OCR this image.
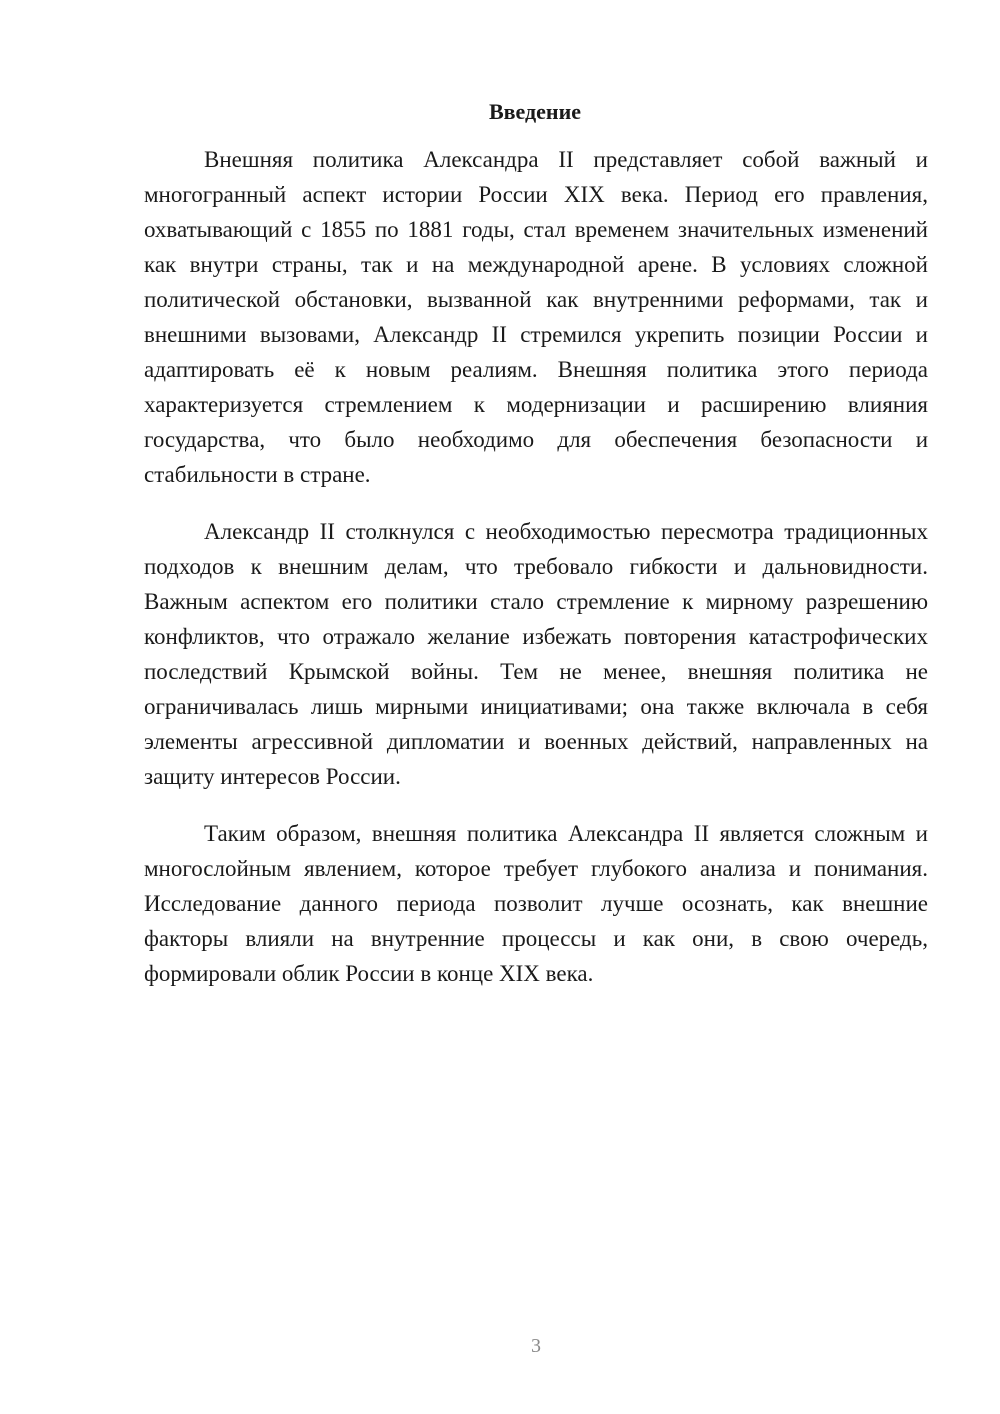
Введение

Внешняя политика Александра II представляет собой важный и многогранный аспект истории России XIX века. Период его правления, охватывающий с 1855 по 1881 годы, стал временем значительных изменений как внутри страны, так и на международной арене. В условиях сложной политической обстановки, вызванной как внутренними реформами, так и внешними вызовами, Александр II стремился укрепить позиции России и адаптировать её к новым реалиям. Внешняя политика этого периода характеризуется стремлением к модернизации и расширению влияния государства, что было необходимо для обеспечения безопасности и стабильности в стране.

Александр II столкнулся с необходимостью пересмотра традиционных подходов к внешним делам, что требовало гибкости и дальновидности. Важным аспектом его политики стало стремление к мирному разрешению конфликтов, что отражало желание избежать повторения катастрофических последствий Крымской войны. Тем не менее, внешняя политика не ограничивалась лишь мирными инициативами; она также включала в себя элементы агрессивной дипломатии и военных действий, направленных на защиту интересов России.

Таким образом, внешняя политика Александра II является сложным и многослойным явлением, которое требует глубокого анализа и понимания. Исследование данного периода позволит лучше осознать, как внешние факторы влияли на внутренние процессы и как они, в свою очередь, формировали облик России в конце XIX века.

3
